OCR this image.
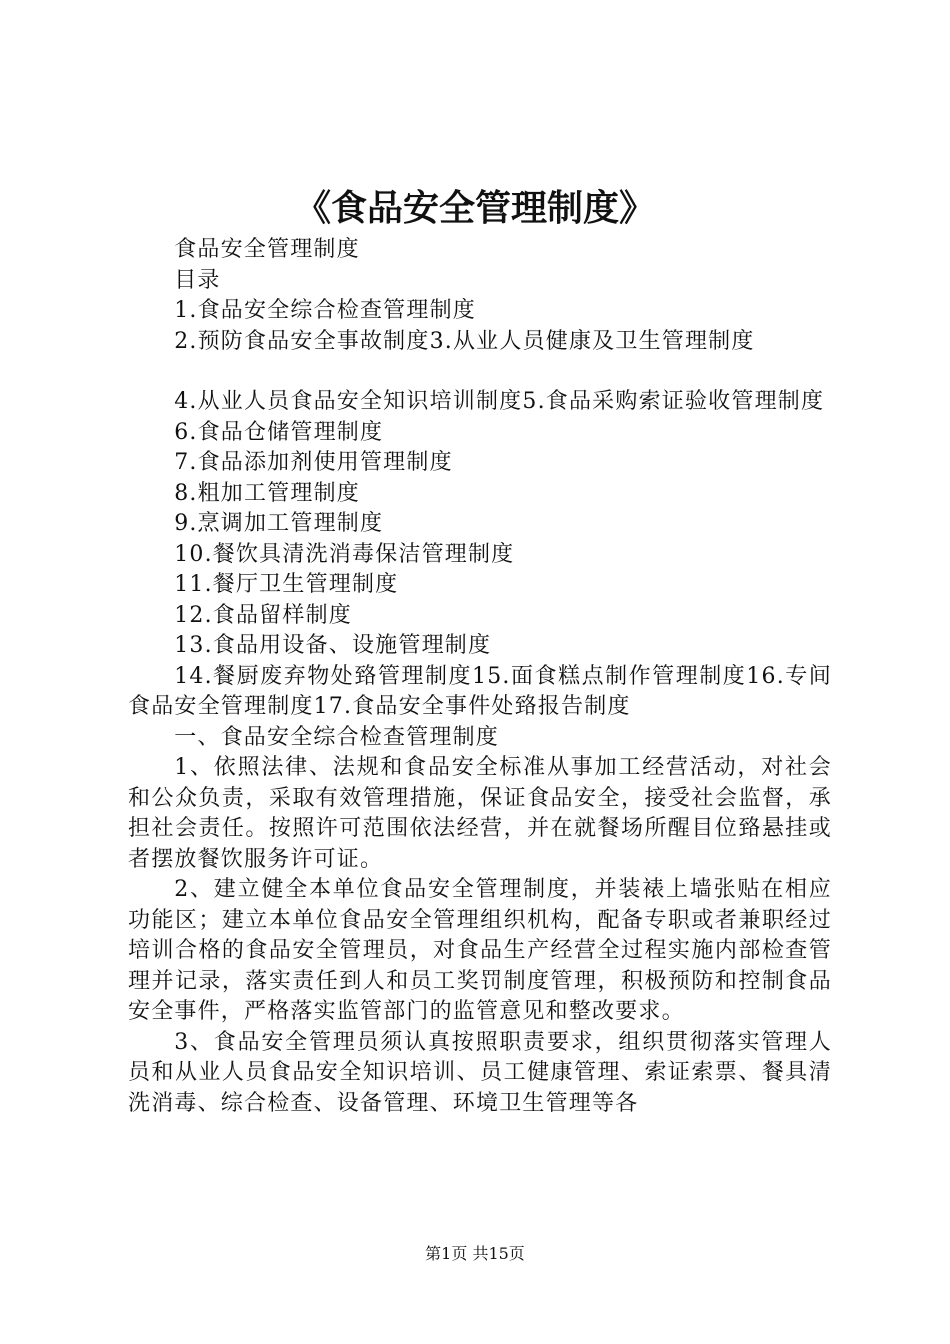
《食品安全管理制度》

食品安全管理制度

目录

1.食品安全综合检查管理制度

2.预防食品安全事故制度3.从业人员健康及卫生管理制度

4.从业人员食品安全知识培训制度5.食品采购索证验收管理制度

6.食品仓储管理制度

7.食品添加剂使用管理制度

8.粗加工管理制度

9.烹调加工管理制度

10.餐饮具清洗消毒保洁管理制度

11.餐厅卫生管理制度

12.食品留样制度

13.食品用设备、设施管理制度

14.餐厨废弃物处臵管理制度15.面食糕点制作管理制度16.专间食品安全管理制度17.食品安全事件处臵报告制度

一、食品安全综合检查管理制度

1、依照法律、法规和食品安全标准从事加工经营活动，对社会和公众负责，采取有效管理措施，保证食品安全，接受社会监督，承担社会责任。按照许可范围依法经营，并在就餐场所醒目位臵悬挂或者摆放餐饮服务许可证。

2、建立健全本单位食品安全管理制度，并装裱上墙张贴在相应功能区；建立本单位食品安全管理组织机构，配备专职或者兼职经过培训合格的食品安全管理员，对食品生产经营全过程实施内部检查管理并记录，落实责任到人和员工奖罚制度管理，积极预防和控制食品安全事件，严格落实监管部门的监管意见和整改要求。

3、食品安全管理员须认真按照职责要求，组织贯彻落实管理人员和从业人员食品安全知识培训、员工健康管理、索证索票、餐具清洗消毒、综合检查、设备管理、环境卫生管理等各

第1页 共15页
